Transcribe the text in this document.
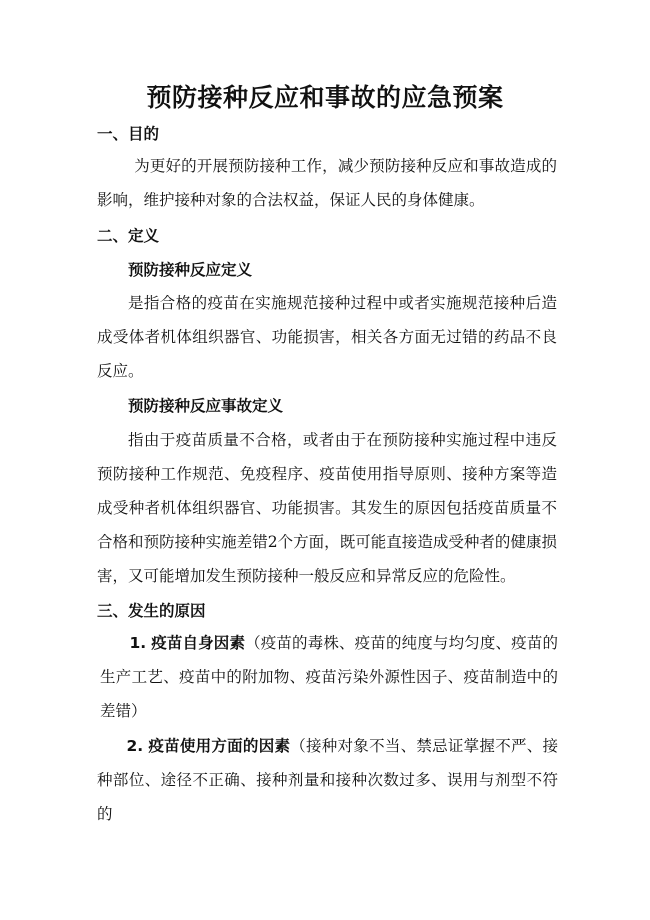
预防接种反应和事故的应急预案
一、目的
为更好的开展预防接种工作，减少预防接种反应和事故造成的影响，维护接种对象的合法权益，保证人民的身体健康。
二、定义
预防接种反应定义
是指合格的疫苗在实施规范接种过程中或者实施规范接种后造成受体者机体组织器官、功能损害，相关各方面无过错的药品不良反应。
预防接种反应事故定义
指由于疫苗质量不合格，或者由于在预防接种实施过程中违反预防接种工作规范、免疫程序、疫苗使用指导原则、接种方案等造成受种者机体组织器官、功能损害。其发生的原因包括疫苗质量不合格和预防接种实施差错2个方面，既可能直接造成受种者的健康损害，又可能增加发生预防接种一般反应和异常反应的危险性。
三、发生的原因
1. 疫苗自身因素（疫苗的毒株、疫苗的纯度与均匀度、疫苗的生产工艺、疫苗中的附加物、疫苗污染外源性因子、疫苗制造中的差错）
2. 疫苗使用方面的因素（接种对象不当、禁忌证掌握不严、接种部位、途径不正确、接种剂量和接种次数过多、误用与剂型不符的
